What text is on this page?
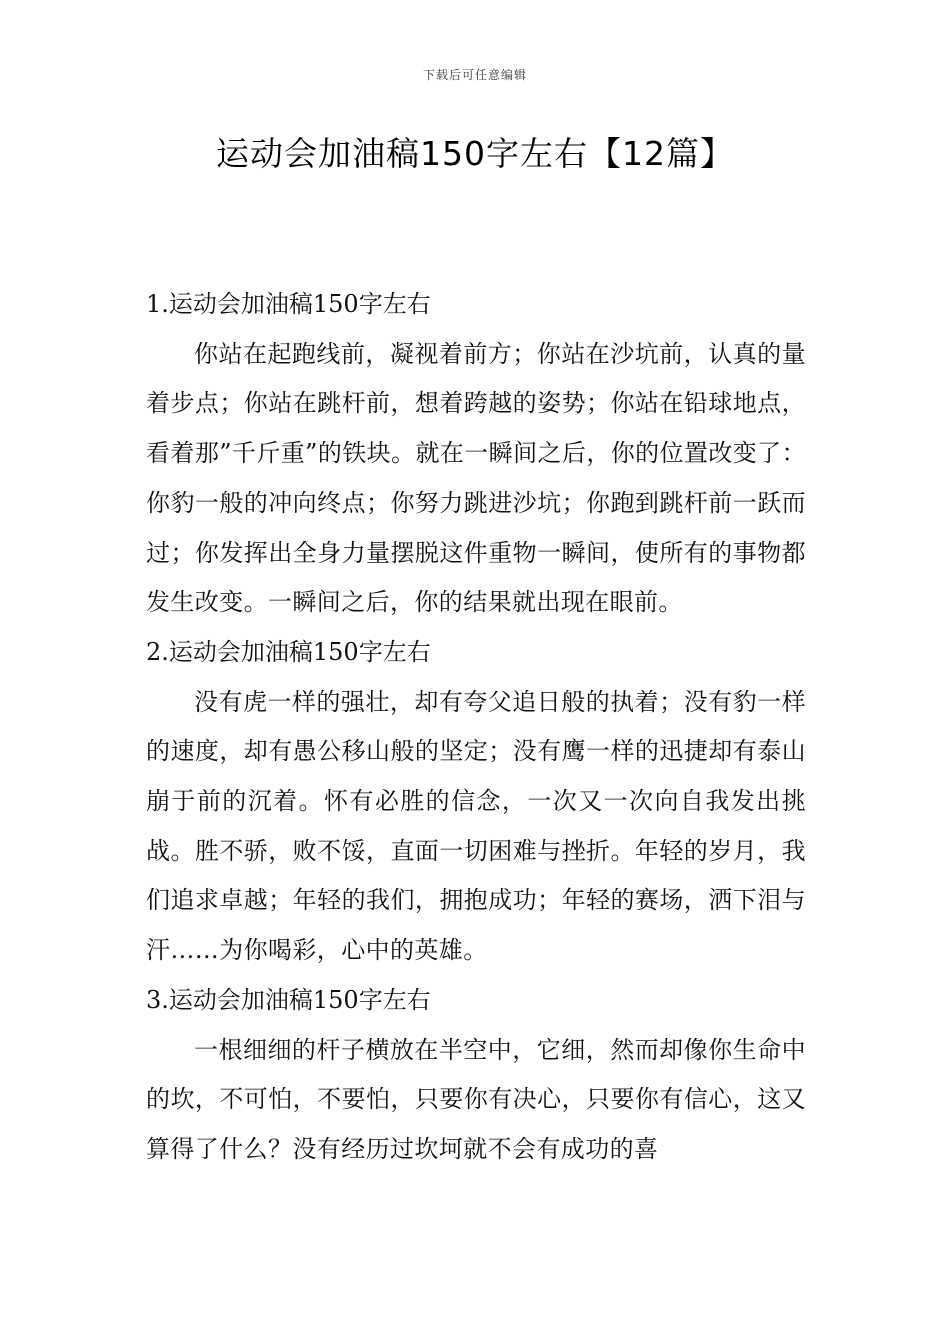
下载后可任意编辑
运动会加油稿150字左右【12篇】
1.运动会加油稿150字左右

你站在起跑线前，凝视着前方；你站在沙坑前，认真的量着步点；你站在跳杆前，想着跨越的姿势；你站在铅球地点，看着那”千斤重”的铁块。就在一瞬间之后，你的位置改变了：你豹一般的冲向终点；你努力跳进沙坑；你跑到跳杆前一跃而过；你发挥出全身力量摆脱这件重物一瞬间，使所有的事物都发生改变。一瞬间之后，你的结果就出现在眼前。

2.运动会加油稿150字左右

没有虎一样的强壮，却有夸父追日般的执着；没有豹一样的速度，却有愚公移山般的坚定；没有鹰一样的迅捷却有泰山崩于前的沉着。怀有必胜的信念，一次又一次向自我发出挑战。胜不骄，败不馁，直面一切困难与挫折。年轻的岁月，我们追求卓越；年轻的我们，拥抱成功；年轻的赛场，洒下泪与汗……为你喝彩，心中的英雄。

3.运动会加油稿150字左右

一根细细的杆子横放在半空中，它细，然而却像你生命中的坎，不可怕，不要怕，只要你有决心，只要你有信心，这又算得了什么？没有经历过坎坷就不会有成功的喜
